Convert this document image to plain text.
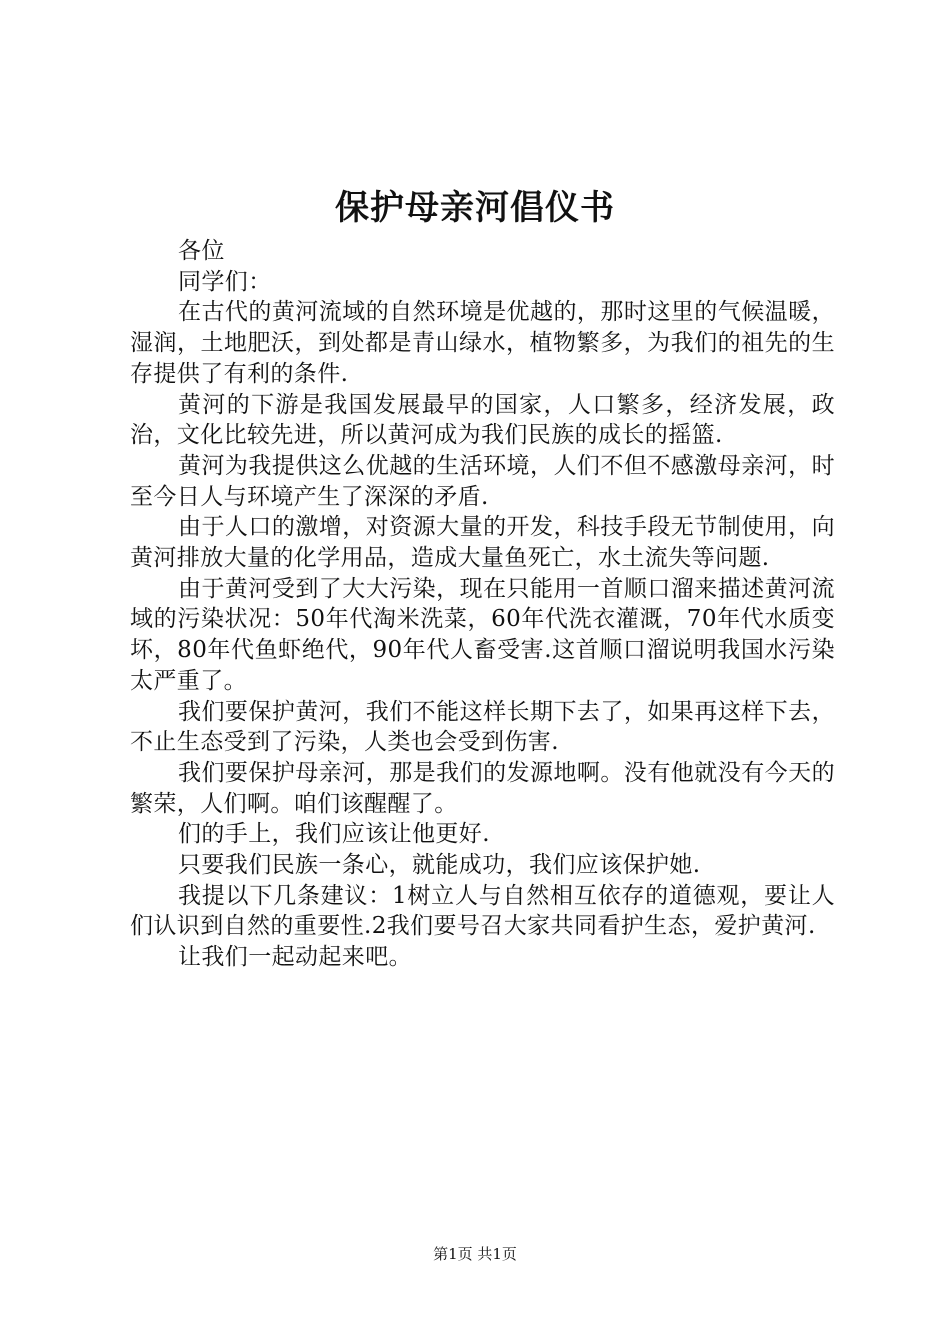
保护母亲河倡仪书

各位

同学们：

在古代的黄河流域的自然环境是优越的，那时这里的气候温暖，湿润，土地肥沃，到处都是青山绿水，植物繁多，为我们的祖先的生存提供了有利的条件.

黄河的下游是我国发展最早的国家，人口繁多，经济发展，政治，文化比较先进，所以黄河成为我们民族的成长的摇篮.

黄河为我提供这么优越的生活环境，人们不但不感激母亲河，时至今日人与环境产生了深深的矛盾.

由于人口的激增，对资源大量的开发，科技手段无节制使用，向黄河排放大量的化学用品，造成大量鱼死亡，水土流失等问题.

由于黄河受到了大大污染，现在只能用一首顺口溜来描述黄河流域的污染状况：50年代淘米洗菜，60年代洗衣灌溉，70年代水质变坏，80年代鱼虾绝代，90年代人畜受害.这首顺口溜说明我国水污染太严重了。

我们要保护黄河，我们不能这样长期下去了，如果再这样下去，不止生态受到了污染，人类也会受到伤害.

我们要保护母亲河，那是我们的发源地啊。没有他就没有今天的繁荣，人们啊。咱们该醒醒了。

们的手上，我们应该让他更好.

只要我们民族一条心，就能成功，我们应该保护她.

我提以下几条建议：1树立人与自然相互依存的道德观，要让人们认识到自然的重要性.2我们要号召大家共同看护生态，爱护黄河.

让我们一起动起来吧。

第1页 共1页
